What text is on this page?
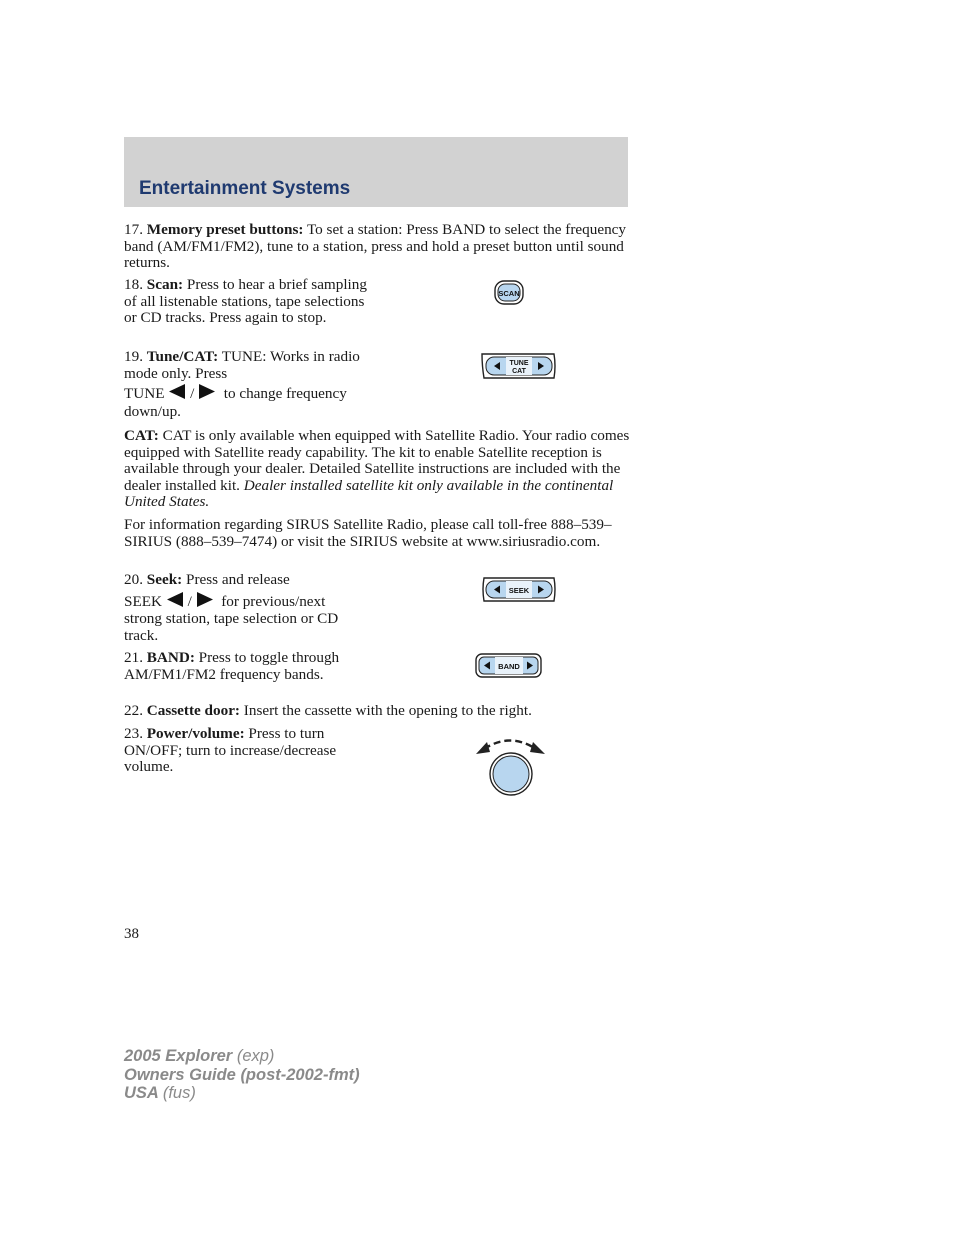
Entertainment Systems
17. Memory preset buttons: To set a station: Press BAND to select the frequency band (AM/FM1/FM2), tune to a station, press and hold a preset button until sound returns.
18. Scan: Press to hear a brief sampling of all listenable stations, tape selections or CD tracks. Press again to stop.
SCAN
19. Tune/CAT: TUNE: Works in radio mode only. Press
TUNE / to change frequency
down/up.
TUNE
CAT
CAT: CAT is only available when equipped with Satellite Radio. Your radio comes equipped with Satellite ready capability. The kit to enable Satellite reception is available through your dealer. Detailed Satellite instructions are included with the dealer installed kit. Dealer installed satellite kit only available in the continental United States.
For information regarding SIRUS Satellite Radio, please call toll-free 888–539–SIRIUS (888–539–7474) or visit the SIRIUS website at www.siriusradio.com.
20. Seek: Press and release
SEEK / for previous/next
strong station, tape selection or CD track.
SEEK
21. BAND: Press to toggle through AM/FM1/FM2 frequency bands.	BAND
22. Cassette door: Insert the cassette with the opening to the right.
23. Power/volume: Press to turn ON/OFF; turn to increase/decrease volume.
38
2005 Explorer (exp)
Owners Guide (post-2002-fmt)
USA (fus)
